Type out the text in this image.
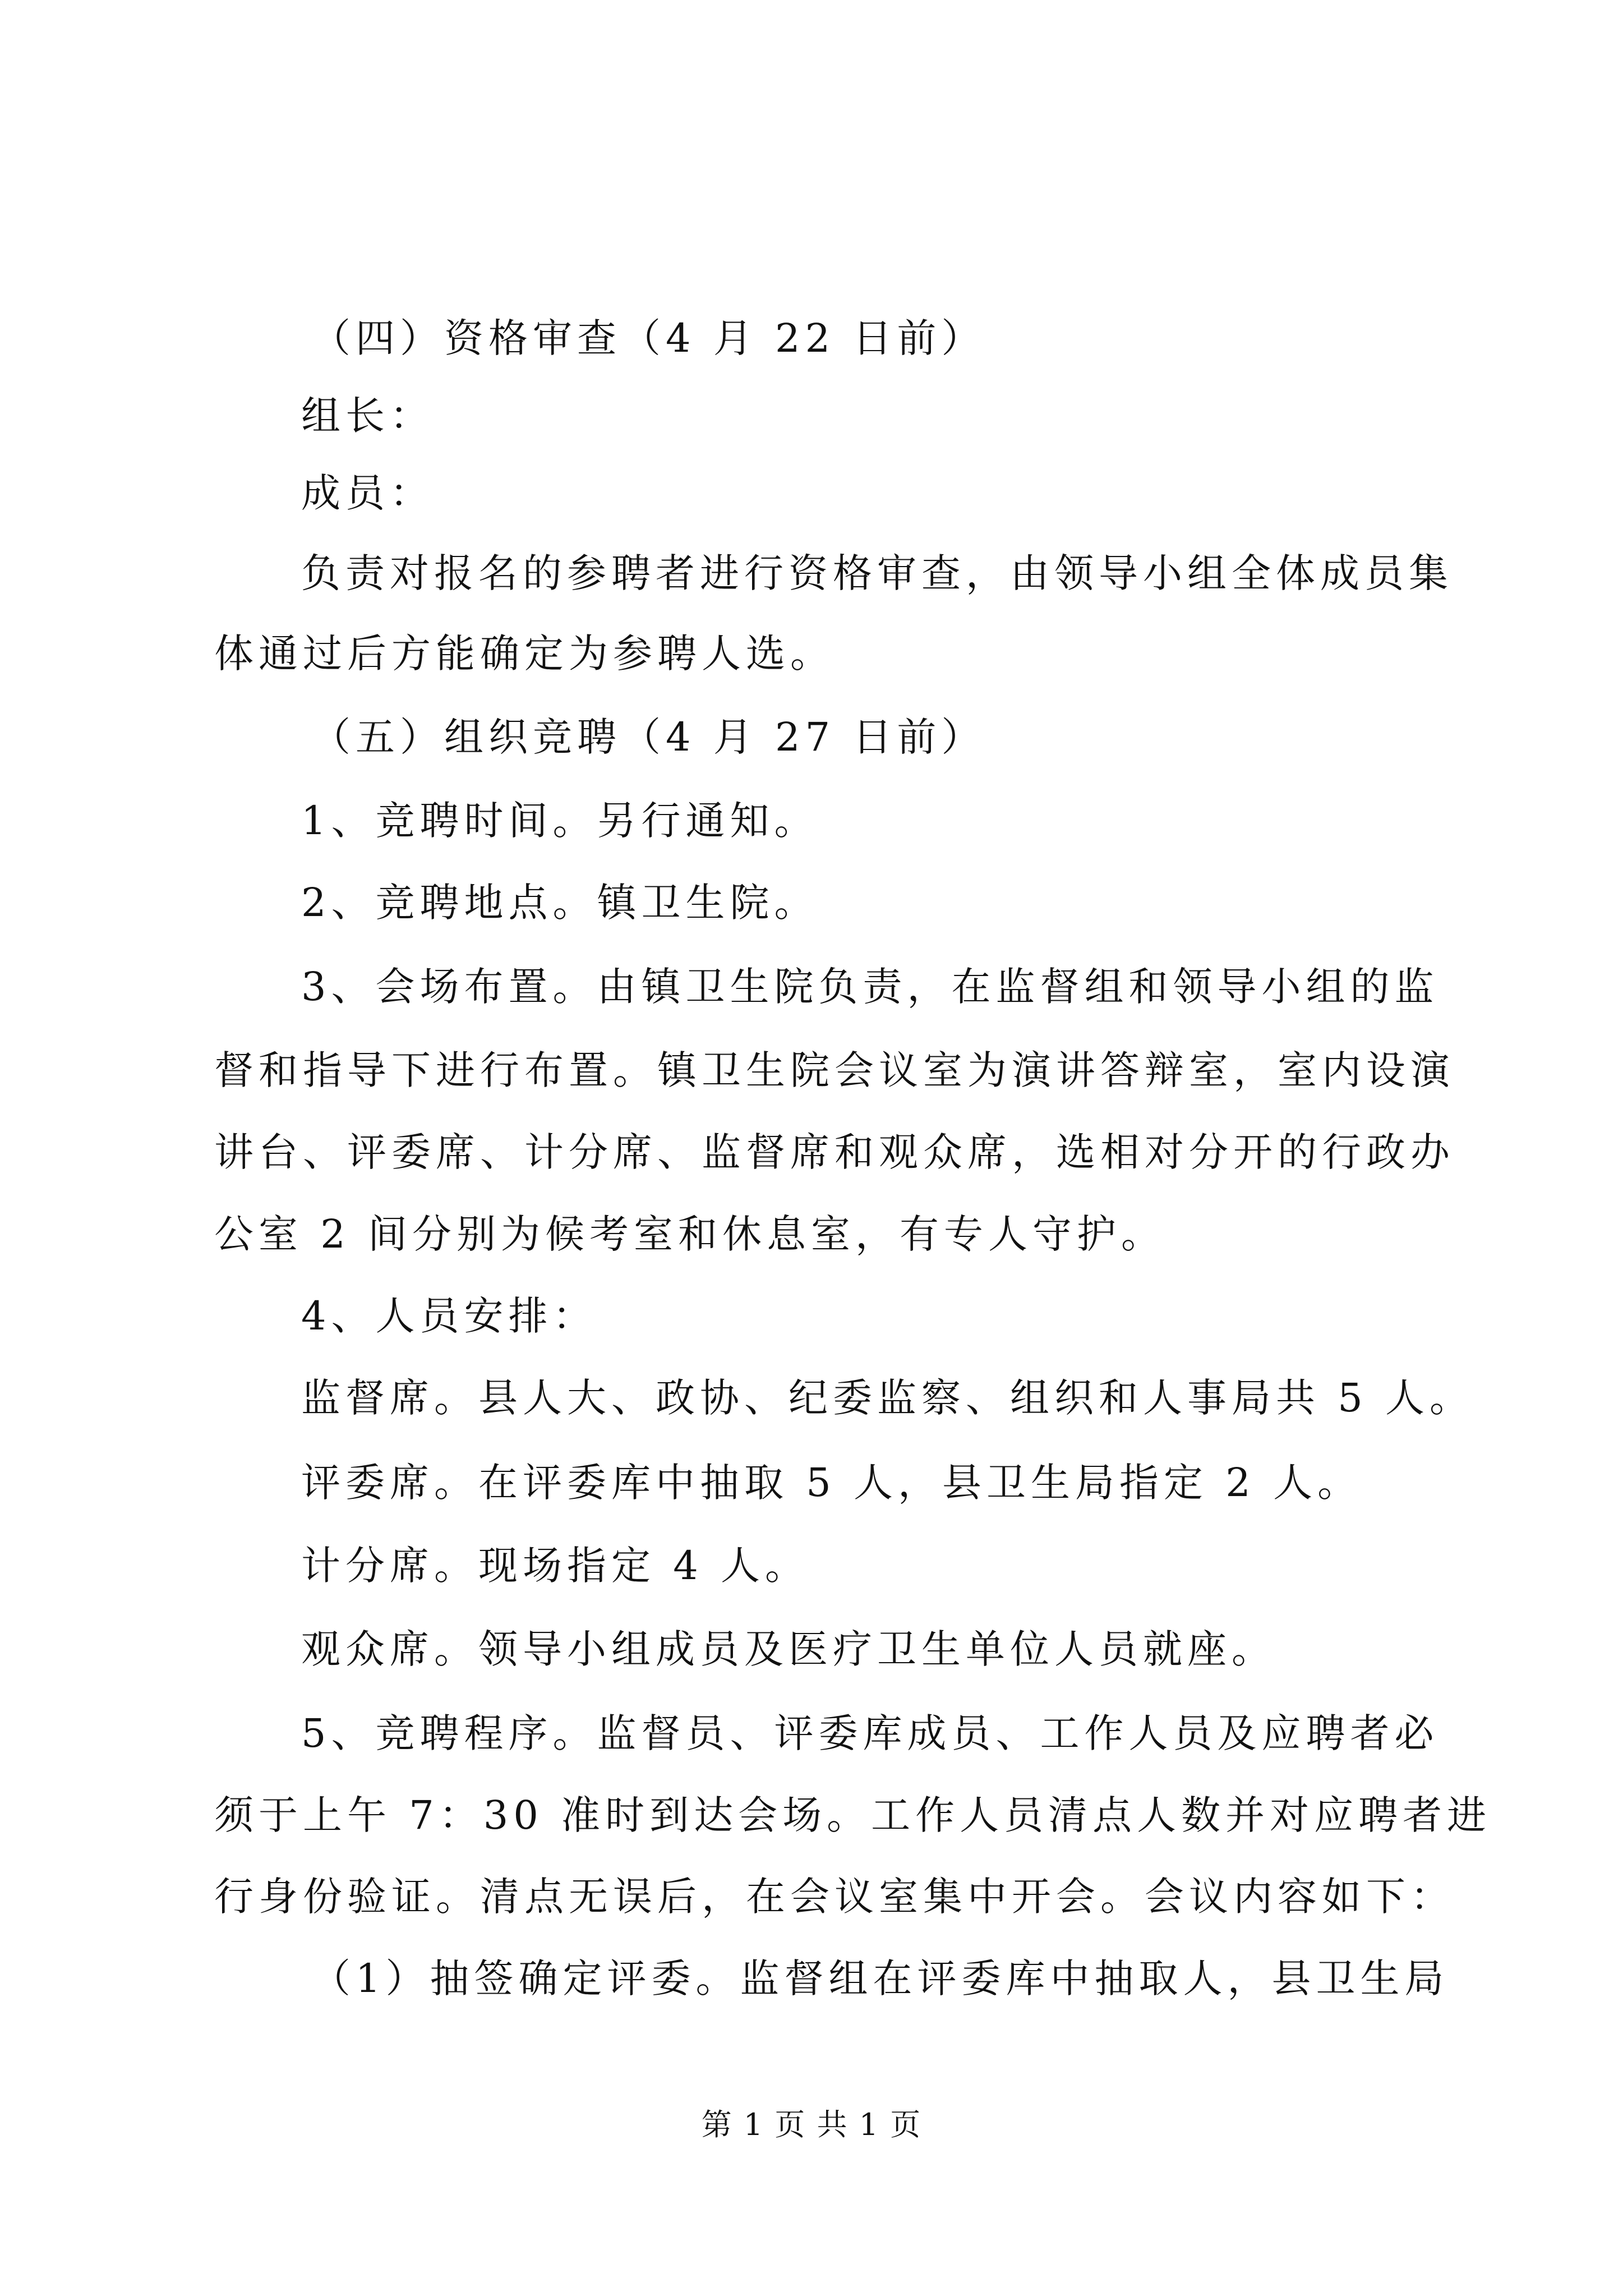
（四）资格审查（4 月 22 日前）
组长：
成员：
负责对报名的参聘者进行资格审查，由领导小组全体成员集
体通过后方能确定为参聘人选。
（五）组织竞聘（4 月 27 日前）
1、竞聘时间。另行通知。
2、竞聘地点。镇卫生院。
3、会场布置。由镇卫生院负责，在监督组和领导小组的监
督和指导下进行布置。镇卫生院会议室为演讲答辩室，室内设演
讲台、评委席、计分席、监督席和观众席，选相对分开的行政办
公室 2 间分别为候考室和休息室，有专人守护。
4、人员安排：
监督席。县人大、政协、纪委监察、组织和人事局共 5 人。
评委席。在评委库中抽取 5 人，县卫生局指定 2 人。
计分席。现场指定 4 人。
观众席。领导小组成员及医疗卫生单位人员就座。
5、竞聘程序。监督员、评委库成员、工作人员及应聘者必
须于上午 7：30 准时到达会场。工作人员清点人数并对应聘者进
行身份验证。清点无误后，在会议室集中开会。会议内容如下：
（1）抽签确定评委。监督组在评委库中抽取人，县卫生局
第 1 页 共 1 页
